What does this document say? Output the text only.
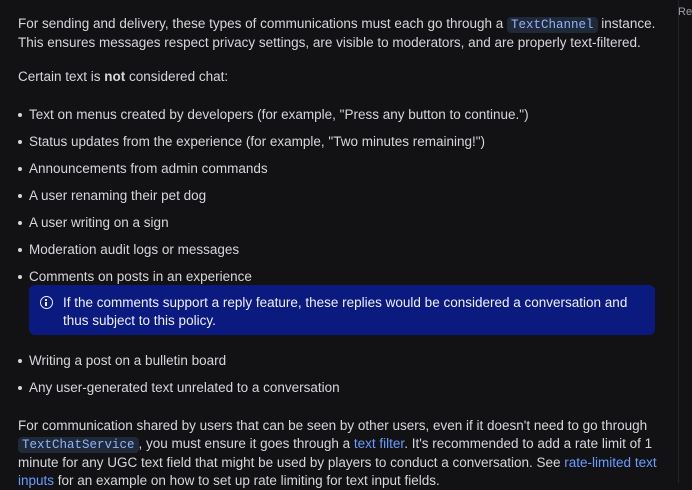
Re

For sending and delivery, these types of communications must each go through a TextChannel instance. This ensures messages respect privacy settings, are visible to moderators, and are properly text-filtered.

Certain text is not considered chat:

Text on menus created by developers (for example, "Press any button to continue.")
Status updates from the experience (for example, "Two minutes remaining!")
Announcements from admin commands
A user renaming their pet dog
A user writing on a sign
Moderation audit logs or messages
Comments on posts in an experience
If the comments support a reply feature, these replies would be considered a conversation and thus subject to this policy.
Writing a post on a bulletin board
Any user-generated text unrelated to a conversation

For communication shared by users that can be seen by other users, even if it doesn't need to go through TextChatService , you must ensure it goes through a text filter. It's recommended to add a rate limit of 1 minute for any UGC text field that might be used by players to conduct a conversation. See rate-limited text inputs for an example on how to set up rate limiting for text input fields.
